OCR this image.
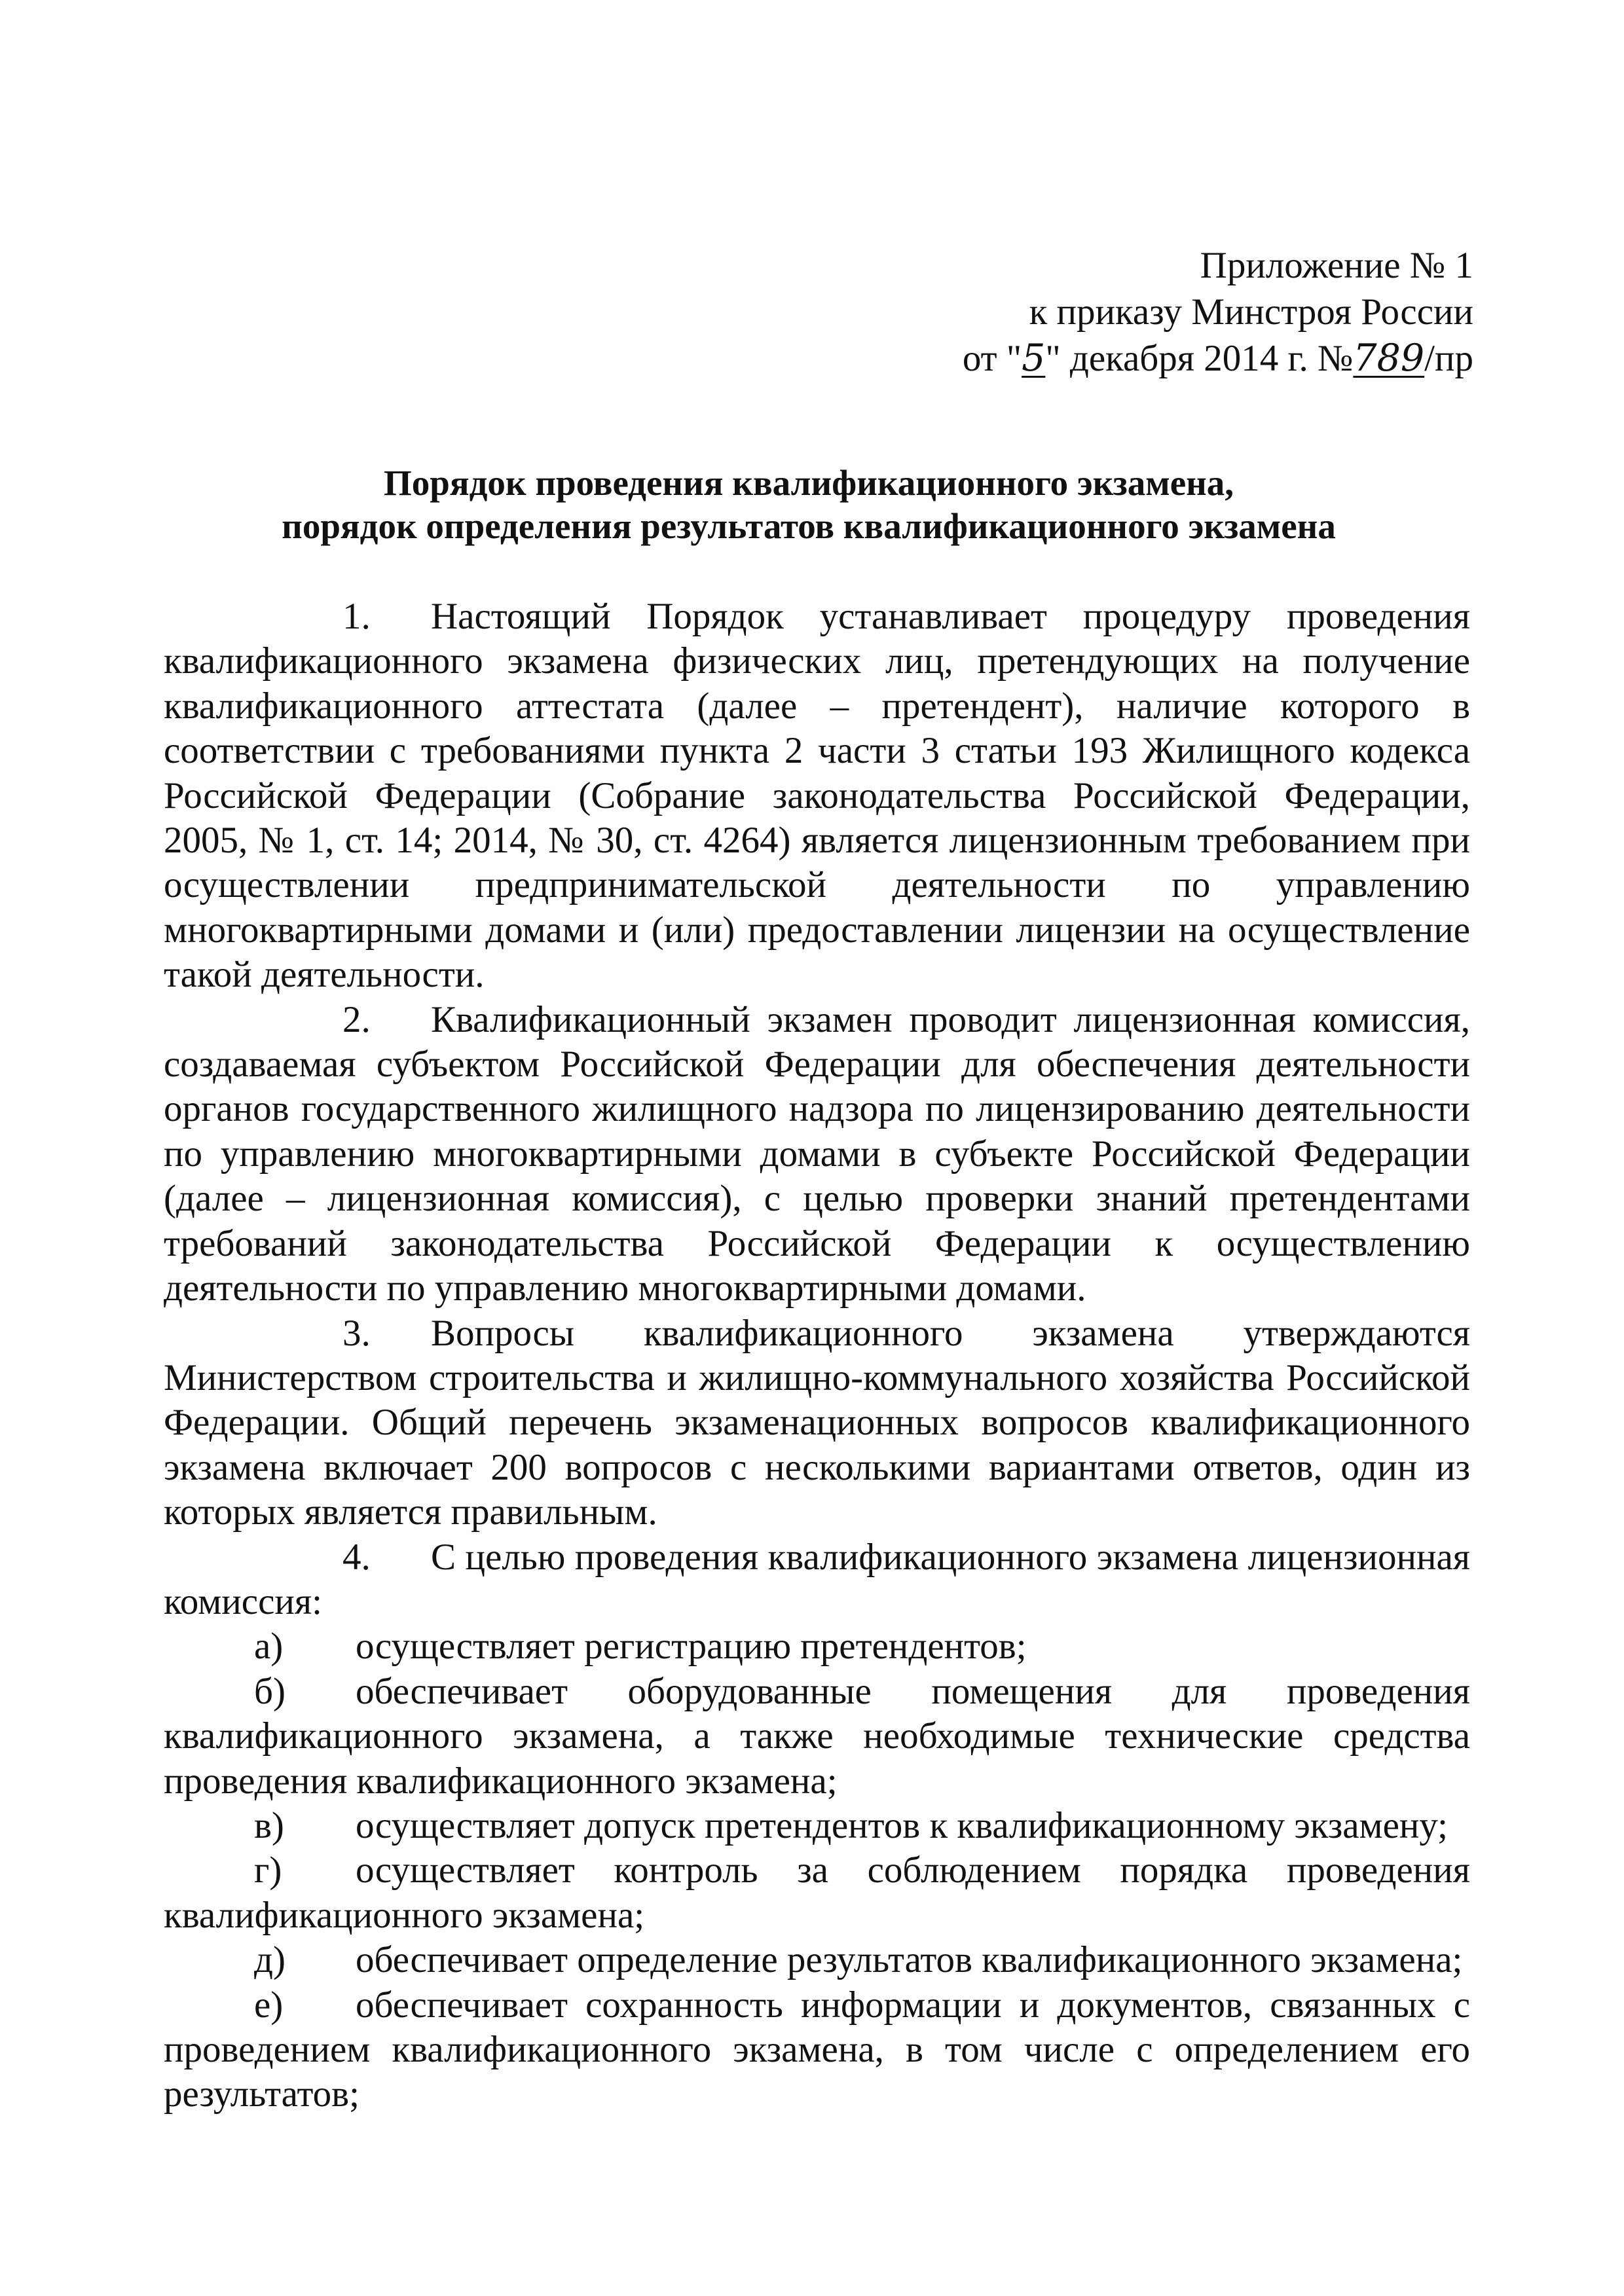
Приложение № 1
к приказу Минстроя России
от "5" декабря 2014 г. №789/пр
Порядок проведения квалификационного экзамена,
порядок определения результатов квалификационного экзамена

1. Настоящий Порядок устанавливает процедуру проведения квалификационного экзамена физических лиц, претендующих на получение квалификационного аттестата (далее – претендент), наличие которого в соответствии с требованиями пункта 2 части 3 статьи 193 Жилищного кодекса Российской Федерации (Собрание законодательства Российской Федерации, 2005, № 1, ст. 14; 2014, № 30, ст. 4264) является лицензионным требованием при осуществлении предпринимательской деятельности по управлению многоквартирными домами и (или) предоставлении лицензии на осуществление такой деятельности.

2. Квалификационный экзамен проводит лицензионная комиссия, создаваемая субъектом Российской Федерации для обеспечения деятельности органов государственного жилищного надзора по лицензированию деятельности по управлению многоквартирными домами в субъекте Российской Федерации (далее – лицензионная комиссия), с целью проверки знаний претендентами требований законодательства Российской Федерации к осуществлению деятельности по управлению многоквартирными домами.

3. Вопросы квалификационного экзамена утверждаются Министерством строительства и жилищно-коммунального хозяйства Российской Федерации. Общий перечень экзаменационных вопросов квалификационного экзамена включает 200 вопросов с несколькими вариантами ответов, один из которых является правильным.

4. С целью проведения квалификационного экзамена лицензионная комиссия:

а) осуществляет регистрацию претендентов;

б) обеспечивает оборудованные помещения для проведения квалификационного экзамена, а также необходимые технические средства проведения квалификационного экзамена;

в) осуществляет допуск претендентов к квалификационному экзамену;

г) осуществляет контроль за соблюдением порядка проведения квалификационного экзамена;

д) обеспечивает определение результатов квалификационного экзамена;

е) обеспечивает сохранность информации и документов, связанных с проведением квалификационного экзамена, в том числе с определением его результатов;
